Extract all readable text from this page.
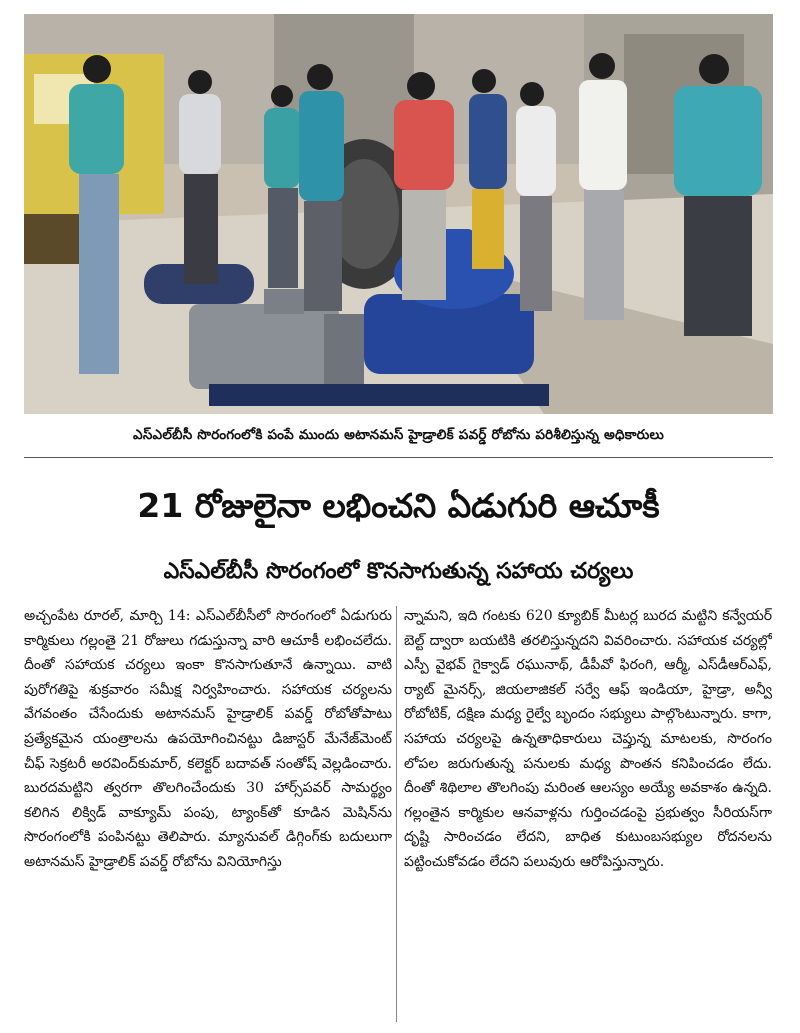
ఎస్ఎల్‌బీసీ సొరంగంలోకి పంపే ముందు అటానమస్ హైడ్రాలిక్ పవర్డ్ రోబోను పరిశీలిస్తున్న అధికారులు
21 రోజులైనా లభించని ఏడుగురి ఆచూకీ
ఎస్ఎల్‌బీసీ సొరంగంలో కొనసాగుతున్న సహాయ చర్యలు

అచ్చంపేట రూరల్, మార్చి 14: ఎస్ఎల్‌బీసీలో సొరంగంలో ఏడుగురు కార్మికులు గల్లంతై 21 రోజులు గడుస్తున్నా వారి ఆచూకీ లభించలేదు. దీంతో సహాయక చర్యలు ఇంకా కొనసాగుతూనే ఉన్నాయి. వాటి పురోగతిపై శుక్రవారం సమీక్ష నిర్వహించారు. సహాయక చర్యలను వేగవంతం చేసేందుకు అటానమస్ హైడ్రాలిక్ పవర్డ్ రోబోతోపాటు ప్రత్యేకమైన యంత్రాలను ఉపయోగించినట్టు డిజాస్టర్ మేనేజ్‌మెంట్ చీఫ్ సెక్రటరీ అరవింద్‌కుమార్, కలెక్టర్ బదావత్ సంతోష్ వెల్లడించారు. బురదమట్టిని త్వరగా తొలగించేందుకు 30 హార్స్‌పవర్ సామర్థ్యం కలిగిన లిక్విడ్ వాక్యూమ్ పంపు, ట్యాంక్‌తో కూడిన మెషిన్‌ను సొరంగంలోకి పంపినట్టు తెలిపారు. మ్యానువల్ డిగ్గింగ్‌కు బదులుగా అటానమస్ హైడ్రాలిక్ పవర్డ్ రోబోను వినియోగిస్తు

న్నామని, ఇది గంటకు 620 క్యూబిక్ మీటర్ల బురద మట్టిని కన్వేయర్ బెల్ట్ ద్వారా బయటికి తరలిస్తున్నదని వివరించారు. సహాయక చర్యల్లో ఎస్పీ వైభవ్ గైక్వాడ్ రఘునాథ్, డీపీవో ఫిరంగి, ఆర్మీ, ఎస్‌డీఆర్ఎఫ్, ర్యాట్ మైనర్స్, జియలాజికల్ సర్వే ఆఫ్ ఇండియా, హైడ్రా, అన్వీ రోబోటిక్, దక్షిణ మధ్య రైల్వే బృందం సభ్యులు పాల్గొంటున్నారు. కాగా, సహాయ చర్యలపై ఉన్నతాధికారులు చెప్తున్న మాటలకు, సొరంగం లోపల జరుగుతున్న పనులకు మధ్య పొంతన కనిపించడం లేదు. దీంతో శిథిలాల తొలగింపు మరింత ఆలస్యం అయ్యే అవకాశం ఉన్నది. గల్లంతైన కార్మికుల ఆనవాళ్లను గుర్తించడంపై ప్రభుత్వం సీరియస్‌గా దృష్టి సారించడం లేదని, బాధిత కుటుంబసభ్యుల రోదనలను పట్టించుకోవడం లేదని పలువురు ఆరోపిస్తున్నారు.
